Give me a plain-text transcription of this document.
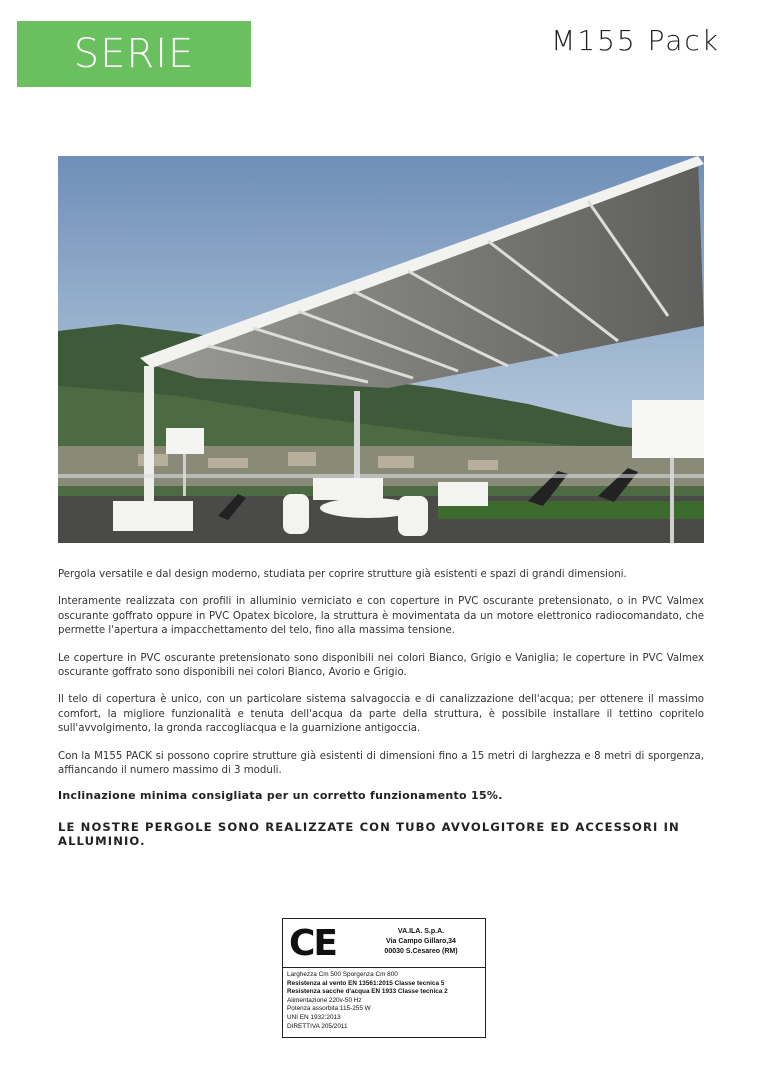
SERIE M155
M155 Pack

Pergola versatile e dal design moderno, studiata per coprire strutture già esistenti e spazi di grandi dimensioni.

Interamente realizzata con profili in alluminio verniciato e con coperture in PVC oscurante pretensionato, o in PVC Valmex oscurante goffrato oppure in PVC Opatex bicolore, la struttura è movimentata da un motore elettronico radiocomandato, che permette l'apertura a impacchettamento del telo, fino alla massima tensione.

Le coperture in PVC oscurante pretensionato sono disponibili nei colori Bianco, Grigio e Vaniglia; le coperture in PVC Valmex oscurante goffrato sono disponibili nei colori Bianco, Avorio e Grigio.

Il telo di copertura è unico, con un particolare sistema salvagoccia e di canalizzazione dell'acqua; per ottenere il massimo comfort, la migliore funzionalità e tenuta dell'acqua da parte della struttura, è possibile installare il tettino copritelo sull'avvolgimento, la gronda raccogliacqua e la guarnizione antigoccia.

Con la M155 PACK si possono coprire strutture già esistenti di dimensioni fino a 15 metri di larghezza e 8 metri di sporgenza, affiancando il numero massimo di 3 moduli.

Inclinazione minima consigliata per un corretto funzionamento 15%.
LE NOSTRE PERGOLE SONO REALIZZATE CON TUBO AVVOLGITORE ED ACCESSORI IN ALLUMINIO.
CE	VA.ILA. S.p.A.
Via Campo Gillaro,34
00030 S.Cesareo (RM)
Larghezza Cm 500 Sporgenza Cm 800
Resistenza al vento EN 13561:2015 Classe tecnica 5
Resistenza sacche d'acqua EN 1933 Classe tecnica 2
Alimentazione 220v-50 Hz
Potenza assorbita 115-255 W
UNI EN 1932:2013
DIRETTIVA 205/2011
